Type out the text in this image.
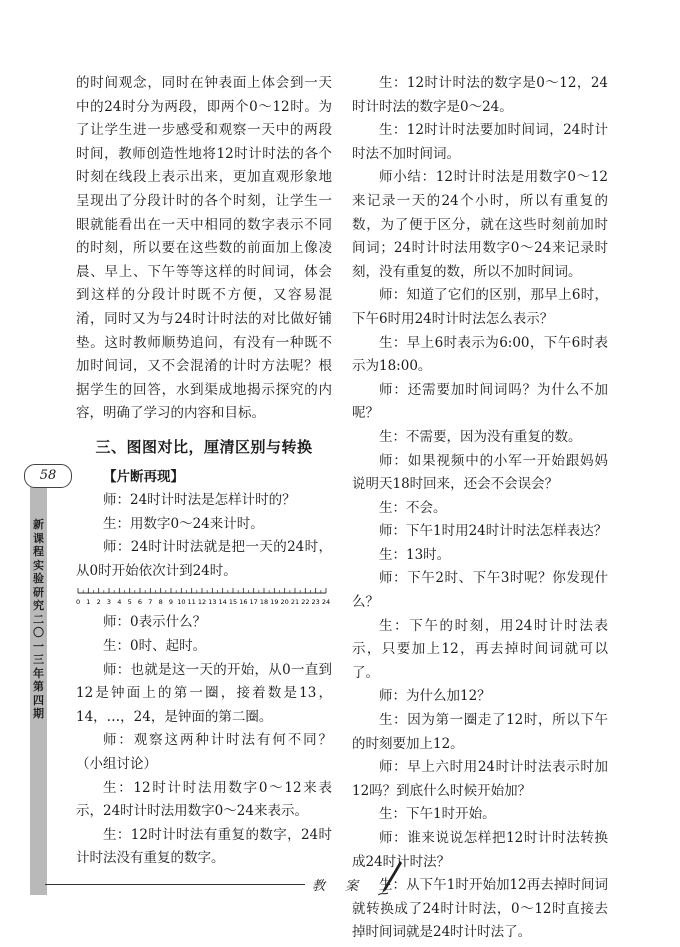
58
新课程实验研究 二〇一三年 第四期

的时间观念，同时在钟表面上体会到一天中的24时分为两段，即两个0～12时。为了让学生进一步感受和观察一天中的两段时间，教师创造性地将12时计时法的各个时刻在线段上表示出来，更加直观形象地呈现出了分段计时的各个时刻，让学生一眼就能看出在一天中相同的数字表示不同的时刻，所以要在这些数的前面加上像凌晨、早上、下午等等这样的时间词，体会到这样的分段计时既不方便，又容易混淆，同时又为与24时计时法的对比做好铺垫。这时教师顺势追问，有没有一种既不加时间词，又不会混淆的计时方法呢？根据学生的回答，水到渠成地揭示探究的内容，明确了学习的内容和目标。

三、图图对比，厘清区别与转换

【片断再现】

师：24时计时法是怎样计时的？

生：用数字0～24来计时。

师：24时计时法就是把一天的24时，从0时开始依次计到24时。

0 1 2 3 4 5 6 7 8 9 10 11 12 13 14 15 16 17 18 19 20 21 22 23 24

师：0表示什么？

生：0时、起时。

师：也就是这一天的开始，从0一直到12是钟面上的第一圈，接着数是13，14，…，24，是钟面的第二圈。

师：观察这两种计时法有何不同？（小组讨论）

生：12时计时法用数字0～12来表示，24时计时法用数字0～24来表示。

生：12时计时法有重复的数字，24时计时法没有重复的数字。

生：12时计时法的数字是0～12，24时计时法的数字是0～24。

生：12时计时法要加时间词，24时计时法不加时间词。

师小结：12时计时法是用数字0～12来记录一天的24个小时，所以有重复的数，为了便于区分，就在这些时刻前加时间词；24时计时法用数字0～24来记录时刻，没有重复的数，所以不加时间词。

师：知道了它们的区别，那早上6时，下午6时用24时计时法怎么表示？

生：早上6时表示为6:00，下午6时表示为18:00。

师：还需要加时间词吗？为什么不加呢？

生：不需要，因为没有重复的数。

师：如果视频中的小军一开始跟妈妈说明天18时回来，还会不会误会？

生：不会。

师：下午1时用24时计时法怎样表达？

生：13时。

师：下午2时、下午3时呢？你发现什么？

生：下午的时刻，用24时计时法表示，只要加上12，再去掉时间词就可以了。

师：为什么加12？

生：因为第一圈走了12时，所以下午的时刻要加上12。

师：早上六时用24时计时法表示时加12吗？到底什么时候开始加？

生：下午1时开始。

师：谁来说说怎样把12时计时法转换成24时计时法？

生：从下午1时开始加12再去掉时间词就转换成了24时计时法，0～12时直接去掉时间词就是24时计时法了。

教 案
